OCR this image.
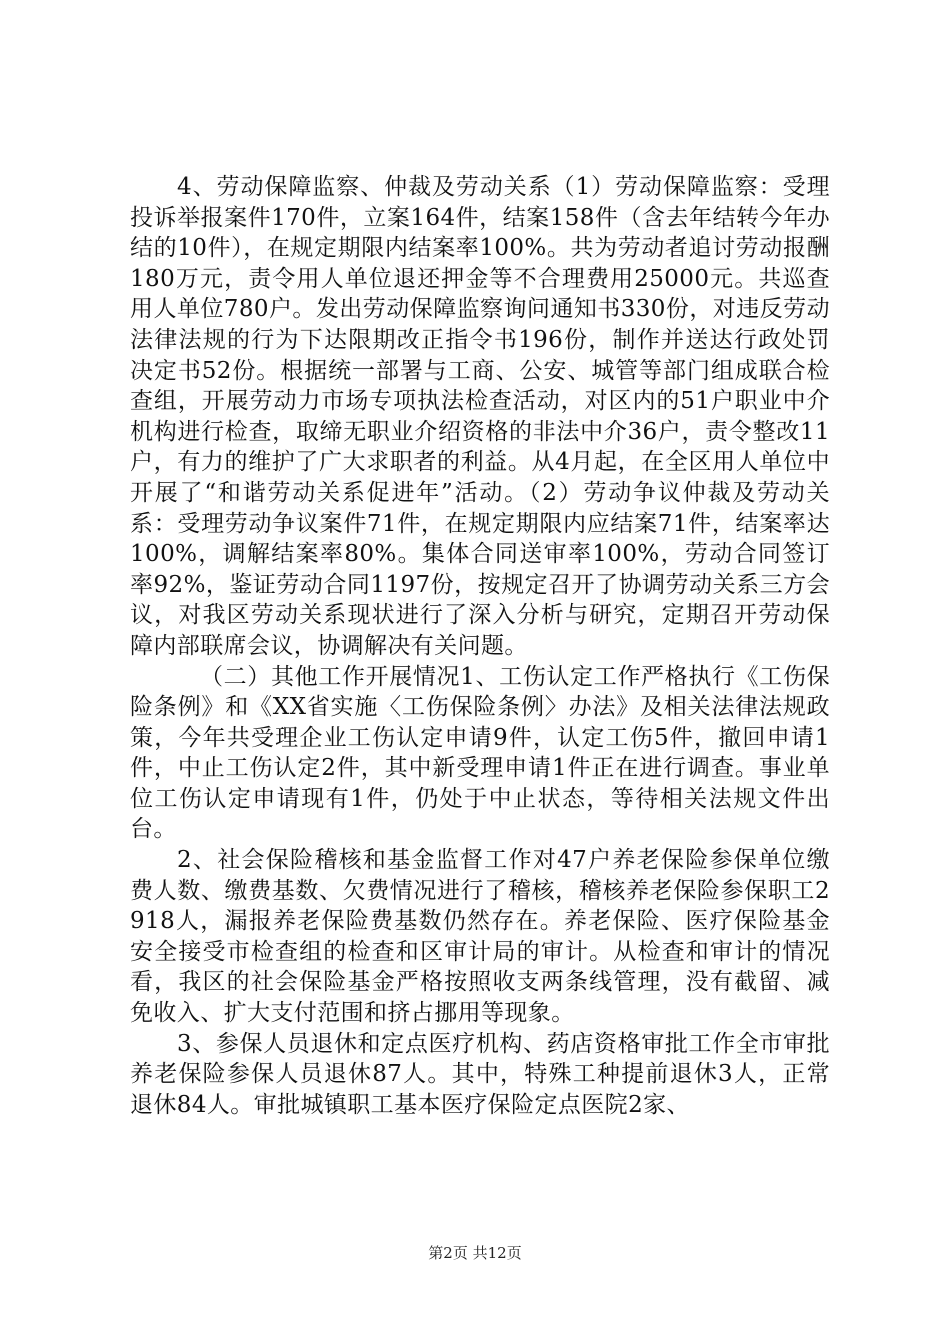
4、劳动保障监察、仲裁及劳动关系（1）劳动保障监察：受理投诉举报案件170件，立案164件，结案158件（含去年结转今年办结的10件），在规定期限内结案率100%。共为劳动者追讨劳动报酬180万元，责令用人单位退还押金等不合理费用25000元。共巡查用人单位780户。发出劳动保障监察询问通知书330份，对违反劳动法律法规的行为下达限期改正指令书196份，制作并送达行政处罚决定书52份。根据统一部署与工商、公安、城管等部门组成联合检查组，开展劳动力市场专项执法检查活动，对区内的51户职业中介机构进行检查，取缔无职业介绍资格的非法中介36户，责令整改11户，有力的维护了广大求职者的利益。从4月起，在全区用人单位中开展了“和谐劳动关系促进年”活动。（2）劳动争议仲裁及劳动关系：受理劳动争议案件71件，在规定期限内应结案71件，结案率达100%，调解结案率80%。集体合同送审率100%，劳动合同签订率92%，鉴证劳动合同1197份，按规定召开了协调劳动关系三方会议，对我区劳动关系现状进行了深入分析与研究，定期召开劳动保障内部联席会议，协调解决有关问题。

（二）其他工作开展情况1、工伤认定工作严格执行《工伤保险条例》和《XX省实施〈工伤保险条例〉办法》及相关法律法规政策，今年共受理企业工伤认定申请9件，认定工伤5件，撤回申请1件，中止工伤认定2件，其中新受理申请1件正在进行调查。事业单位工伤认定申请现有1件，仍处于中止状态，等待相关法规文件出台。

2、社会保险稽核和基金监督工作对47户养老保险参保单位缴费人数、缴费基数、欠费情况进行了稽核，稽核养老保险参保职工2918人，漏报养老保险费基数仍然存在。养老保险、医疗保险基金安全接受市检查组的检查和区审计局的审计。从检查和审计的情况看，我区的社会保险基金严格按照收支两条线管理，没有截留、减免收入、扩大支付范围和挤占挪用等现象。

3、参保人员退休和定点医疗机构、药店资格审批工作全市审批养老保险参保人员退休87人。其中，特殊工种提前退休3人，正常退休84人。审批城镇职工基本医疗保险定点医院2家、

第2页 共12页
